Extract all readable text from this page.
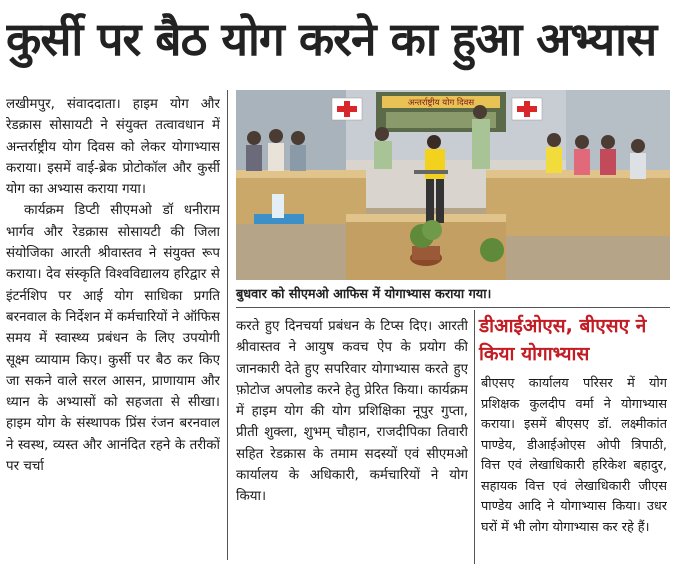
कुर्सी पर बैठ योग करने का हुआ अभ्यास

लखीमपुर, संवाददाता। हाइम योग और रेडक्रास सोसायटी ने संयुक्त तत्वावधान में अन्तर्राष्ट्रीय योग दिवस को लेकर योगाभ्यास कराया। इसमें वाई-ब्रेक प्रोटोकॉल और कुर्सी योग का अभ्यास कराया गया।

कार्यक्रम डिप्टी सीएमओ डॉ धनीराम भार्गव और रेडक्रास सोसायटी की जिला संयोजिका आरती श्रीवास्तव ने संयुक्त रूप कराया। देव संस्कृति विश्वविद्यालय हरिद्वार से इंटर्नशिप पर आई योग साधिका प्रगति बरनवाल के निर्देशन में कर्मचारियों ने ऑफिस समय में स्वास्थ्य प्रबंधन के लिए उपयोगी सूक्ष्म व्यायाम किए। कुर्सी पर बैठ कर किए जा सकने वाले सरल आसन, प्राणायाम और ध्यान के अभ्यासों को सहजता से सीखा। हाइम योग के संस्थापक प्रिंस रंजन बरनवाल ने स्वस्थ, व्यस्त और आनंदित रहने के तरीकों पर चर्चा

अन्तर्राष्ट्रीय योग दिवस
बुधवार को सीएमओ आफिस में योगाभ्यास कराया गया।

करते हुए दिनचर्या प्रबंधन के टिप्स दिए। आरती श्रीवास्तव ने आयुष कवच ऐप के प्रयोग की जानकारी देते हुए सपरिवार योगाभ्यास करते हुए फ़ोटोज अपलोड करने हेतु प्रेरित किया। कार्यक्रम में हाइम योग की योग प्रशिक्षिका नूपुर गुप्ता, प्रीती शुक्ला, शुभम् चौहान, राजदीपिका तिवारी सहित रेडक्रास के तमाम सदस्यों एवं सीएमओ कार्यालय के अधिकारी, कर्मचारियों ने योग किया।

डीआईओएस, बीएसए ने किया योगाभ्यास

बीएसए कार्यालय परिसर में योग प्रशिक्षक कुलदीप वर्मा ने योगाभ्यास कराया। इसमें बीएसए डॉ. लक्ष्मीकांत पाण्डेय, डीआईओएस ओपी त्रिपाठी, वित्त एवं लेखाधिकारी हरिकेश बहादुर, सहायक वित्त एवं लेखाधिकारी जीएस पाण्डेय आदि ने योगाभ्यास किया। उधर घरों में भी लोग योगाभ्यास कर रहे हैं।
